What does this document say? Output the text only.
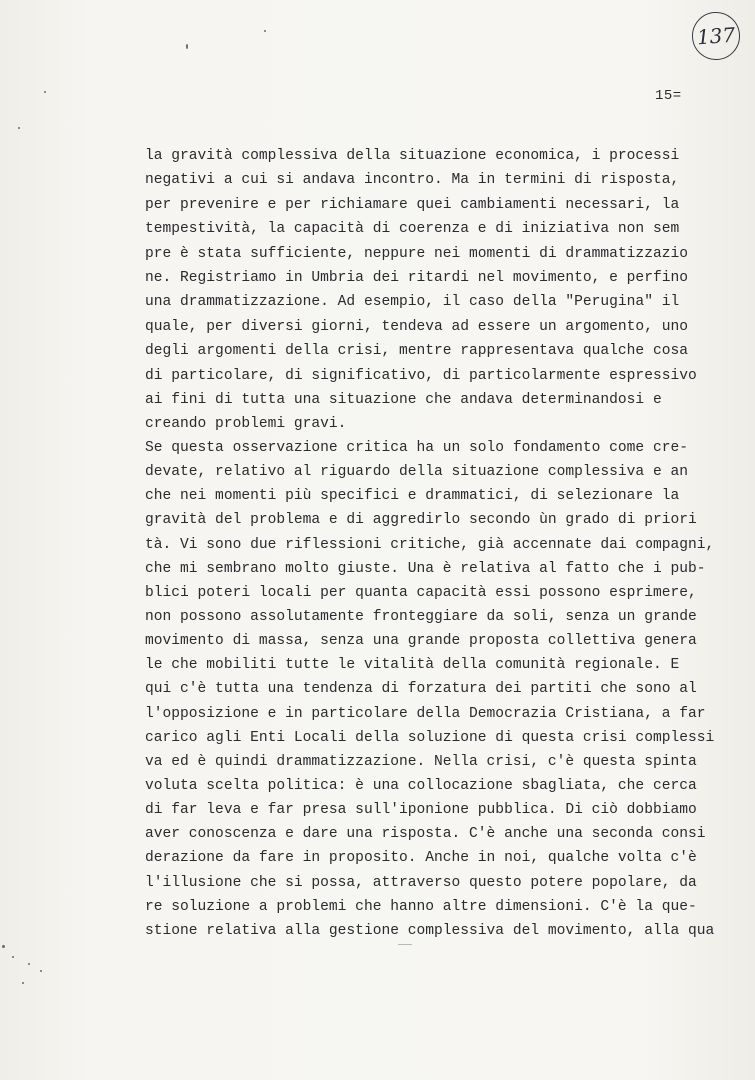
137
15=
la gravità complessiva della situazione economica, i processi
negativi a cui si andava incontro. Ma in termini di risposta,
per prevenire e per richiamare quei cambiamenti necessari, la
tempestività, la capacità di coerenza e di iniziativa non sem
pre è stata sufficiente, neppure nei momenti di drammatizzazio
ne. Registriamo in Umbria dei ritardi nel movimento, e perfino
una drammatizzazione. Ad esempio, il caso della "Perugina" il
quale, per diversi giorni, tendeva ad essere un argomento, uno
degli argomenti della crisi, mentre rappresentava qualche cosa
di particolare, di significativo, di particolarmente espressivo
ai fini di tutta una situazione che andava determinandosi e
creando problemi gravi.
Se questa osservazione critica ha un solo fondamento come cre-
devate, relativo al riguardo della situazione complessiva e an
che nei momenti più specifici e drammatici, di selezionare la
gravità del problema e di aggredirlo secondo ùn grado di priori
tà. Vi sono due riflessioni critiche, già accennate dai compagni,
che mi sembrano molto giuste. Una è relativa al fatto che i pub-
blici poteri locali per quanta capacità essi possono esprimere,
non possono assolutamente fronteggiare da soli, senza un grande
movimento di massa, senza una grande proposta collettiva genera
le che mobiliti tutte le vitalità della comunità regionale. E
qui c'è tutta una tendenza di forzatura dei partiti che sono al
l'opposizione e in particolare della Democrazia Cristiana, a far
carico agli Enti Locali della soluzione di questa crisi complessi
va ed è quindi drammatizzazione. Nella crisi, c'è questa spinta
voluta scelta politica: è una collocazione sbagliata, che cerca
di far leva e far presa sull'iponione pubblica. Di ciò dobbiamo
aver conoscenza e dare una risposta. C'è anche una seconda consi
derazione da fare in proposito. Anche in noi, qualche volta c'è
l'illusione che si possa, attraverso questo potere popolare, da
re soluzione a problemi che hanno altre dimensioni. C'è la que-
stione relativa alla gestione complessiva del movimento, alla qua
